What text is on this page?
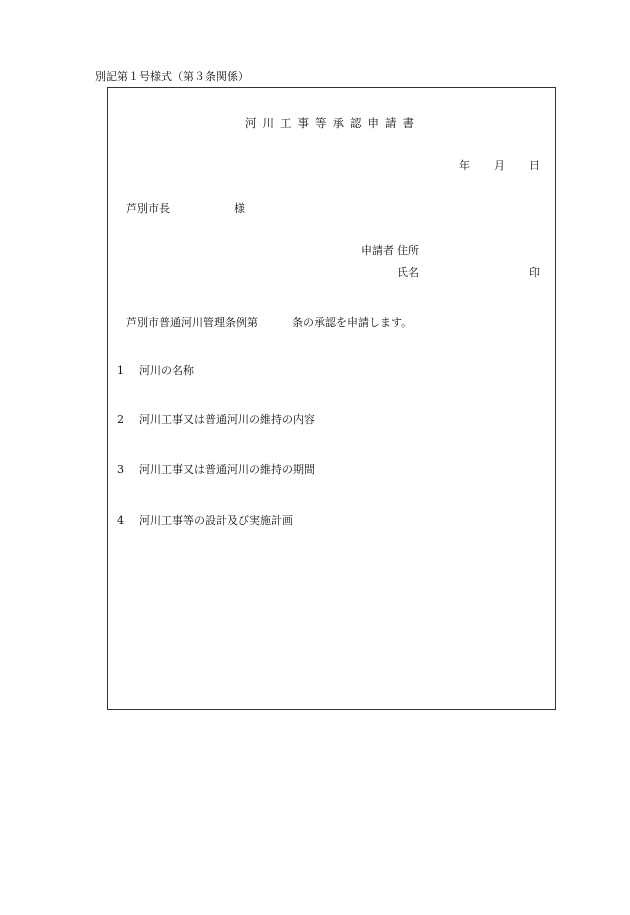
別記第１号様式（第３条関係）
河川工事等承認申請書
年 月 日
芦別市長	様
申請者 住所
氏名	印
芦別市普通河川管理条例第	条の承認を申請します。
1 河川の名称
2 河川工事又は普通河川の維持の内容
3 河川工事又は普通河川の維持の期間
4 河川工事等の設計及び実施計画
